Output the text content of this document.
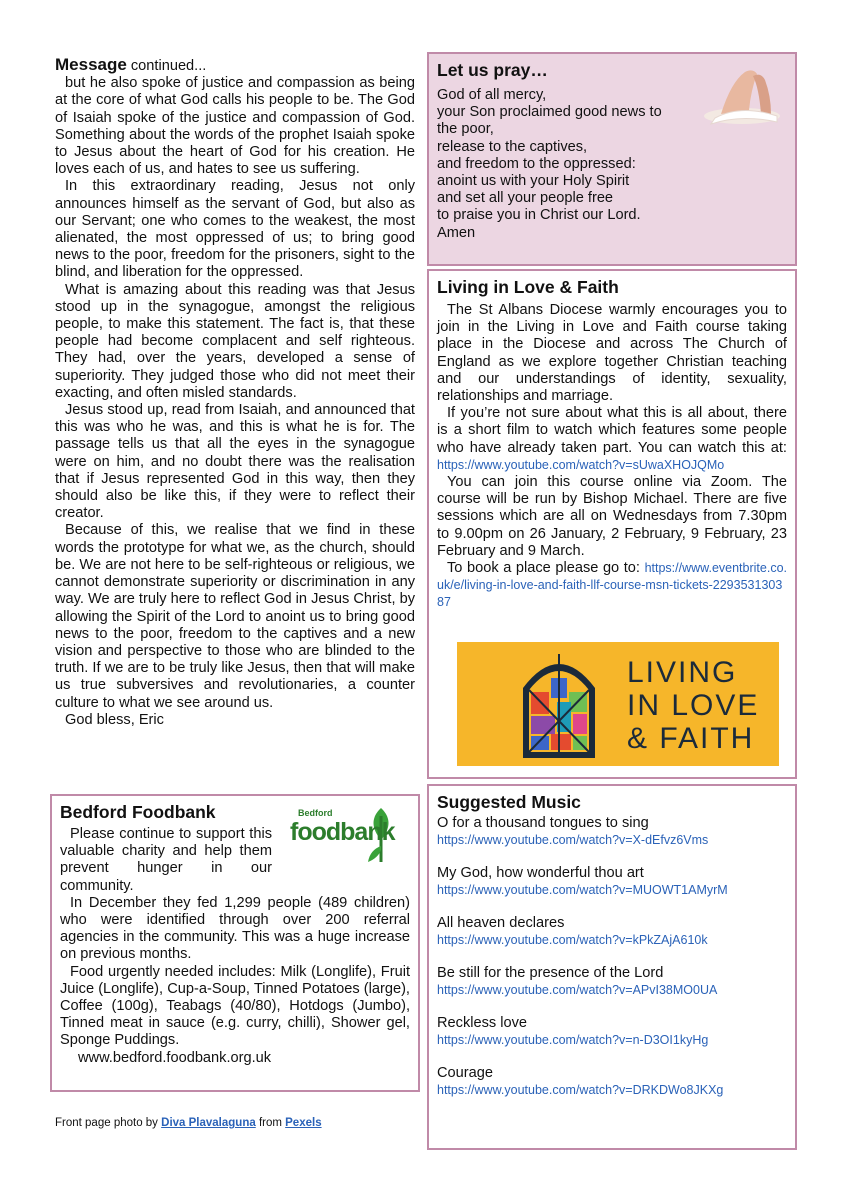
Message continued...

but he also spoke of justice and compassion as being at the core of what God calls his people to be. The God of Isaiah spoke of the justice and compassion of God. Something about the words of the prophet Isaiah spoke to Jesus about the heart of God for his creation. He loves each of us, and hates to see us suffering.

In this extraordinary reading, Jesus not only announces himself as the servant of God, but also as our Servant; one who comes to the weakest, the most alienated, the most oppressed of us; to bring good news to the poor, freedom for the prisoners, sight to the blind, and liberation for the oppressed.

What is amazing about this reading was that Jesus stood up in the synagogue, amongst the religious people, to make this statement. The fact is, that these people had become complacent and self righteous. They had, over the years, developed a sense of superiority. They judged those who did not meet their exacting, and often misled standards.

Jesus stood up, read from Isaiah, and announced that this was who he was, and this is what he is for. The passage tells us that all the eyes in the synagogue were on him, and no doubt there was the realisation that if Jesus represented God in this way, then they should also be like this, if they were to reflect their creator.

Because of this, we realise that we find in these words the prototype for what we, as the church, should be. We are not here to be self-righteous or religious, we cannot demonstrate superiority or discrimination in any way. We are truly here to reflect God in Jesus Christ, by allowing the Spirit of the Lord to anoint us to bring good news to the poor, freedom to the captives and a new vision and perspective to those who are blinded to the truth. If we are to be truly like Jesus, then that will make us true subversives and revolutionaries, a counter culture to what we see around us.

God bless, Eric

Let us pray…
God of all mercy,
your Son proclaimed good news to
the poor,
release to the captives,
and freedom to the oppressed:
anoint us with your Holy Spirit
and set all your people free
to praise you in Christ our Lord.
Amen
Living in Love & Faith

The St Albans Diocese warmly encourages you to join in the Living in Love and Faith course taking place in the Diocese and across The Church of England as we explore together Christian teaching and our understandings of identity, sexuality, relationships and marriage.

If you’re not sure about what this is all about, there is a short film to watch which features some people who have already taken part. You can watch this at: https://www.youtube.com/watch?v=sUwaXHOJQMo

You can join this course online via Zoom. The course will be run by Bishop Michael. There are five sessions which are all on Wednesdays from 7.30pm to 9.00pm on 26 January, 2 February, 9 February, 23 February and 9 March.

To book a place please go to: https://www.eventbrite.co.uk/e/living-in-love-and-faith-llf-course-msn-tickets-229353130387

LIVING
IN LOVE
& FAITH
Suggested Music
O for a thousand tongues to sing
https://www.youtube.com/watch?v=X-dEfvz6Vms
My God, how wonderful thou art
https://www.youtube.com/watch?v=MUOWT1AMyrM
All heaven declares
https://www.youtube.com/watch?v=kPkZAjA610k
Be still for the presence of the Lord
https://www.youtube.com/watch?v=APvI38MO0UA
Reckless love
https://www.youtube.com/watch?v=n-D3OI1kyHg
Courage
https://www.youtube.com/watch?v=DRKDWo8JKXg
Bedford Foodbank

Please continue to support this valuable charity and help them prevent hunger in our community.

In December they fed 1,299 people (489 children) who were identified through over 200 referral agencies in the community. This was a huge increase on previous months.

Food urgently needed includes: Milk (Longlife), Fruit Juice (Longlife), Cup-a-Soup, Tinned Potatoes (large), Coffee (100g), Teabags (40/80), Hotdogs (Jumbo), Tinned meat in sauce (e.g. curry, chilli), Shower gel, Sponge Puddings.

www.bedford.foodbank.org.uk

Bedford
foodbank
Front page photo by Diva Plavalaguna from Pexels
